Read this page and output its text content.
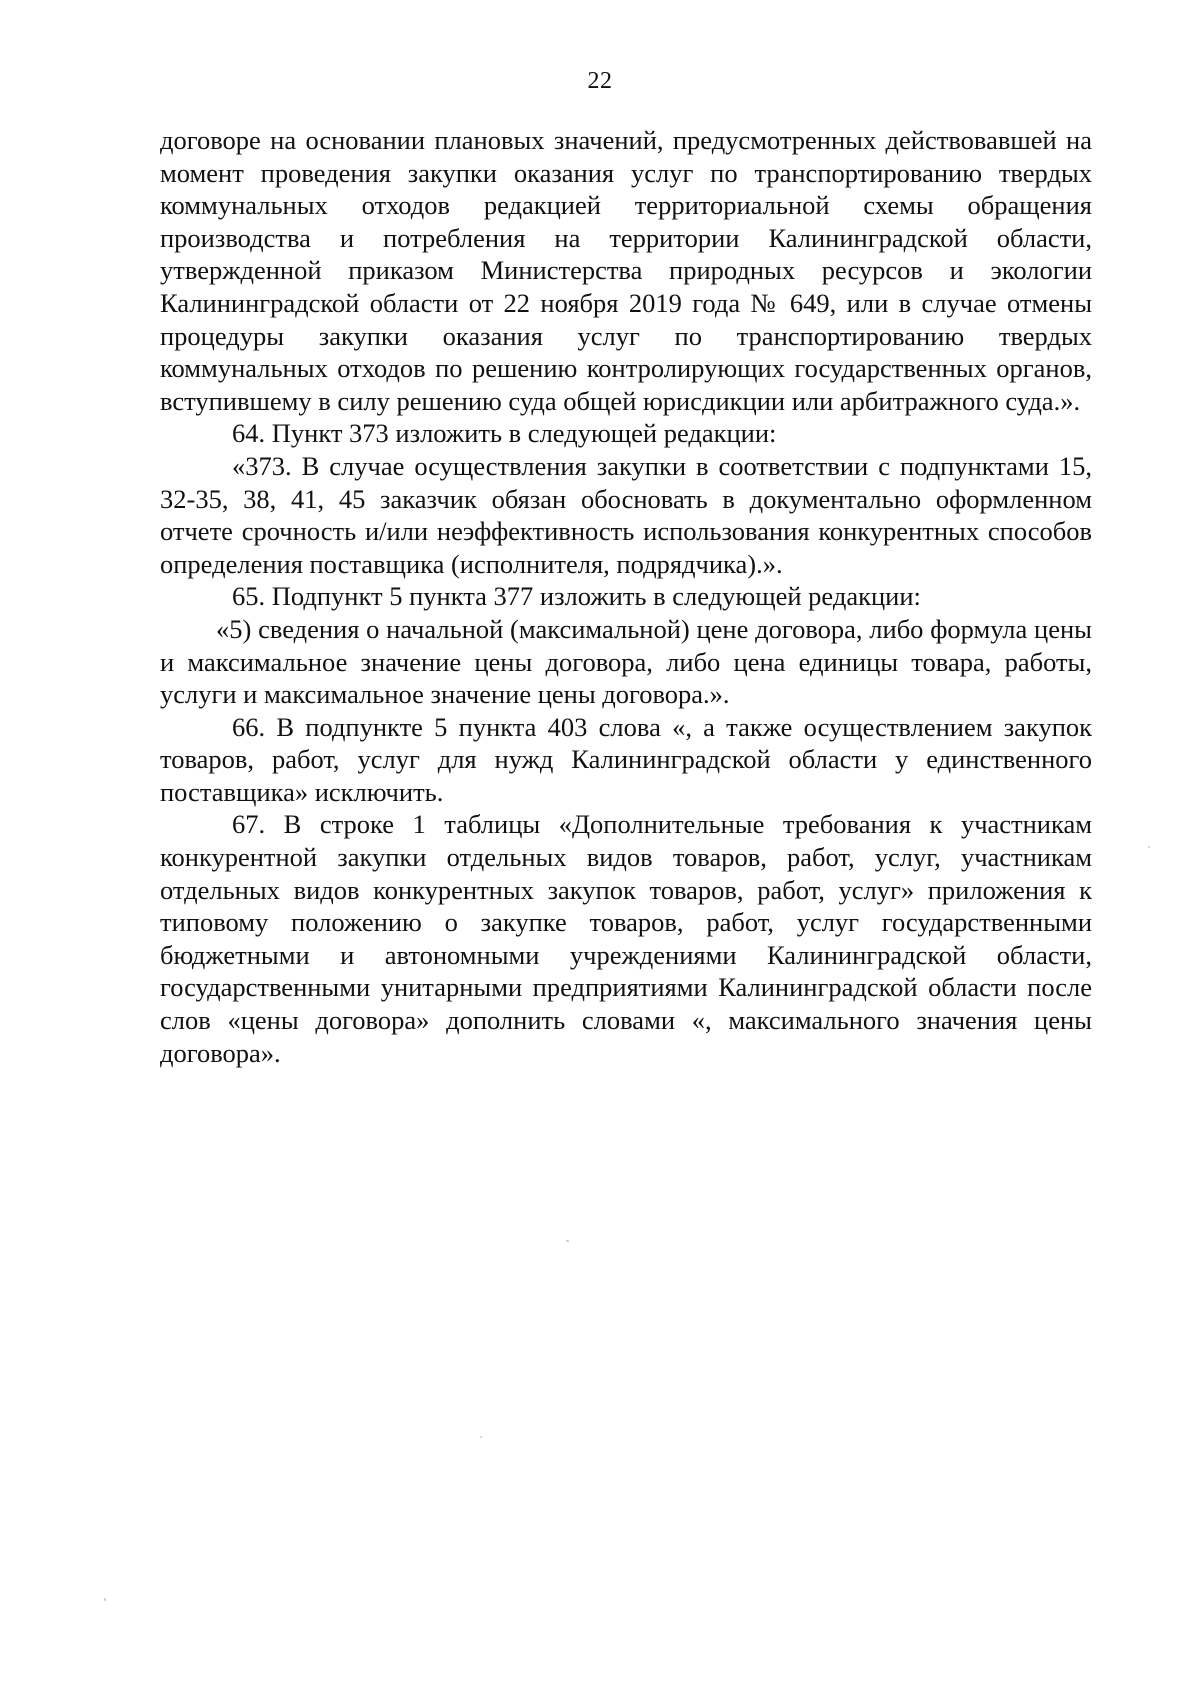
22

договоре на основании плановых значений, предусмотренных действовавшей на момент проведения закупки оказания услуг по транспортированию твердых коммунальных отходов редакцией территориальной схемы обращения производства и потребления на территории Калининградской области, утвержденной приказом Министерства природных ресурсов и экологии Калининградской области от 22 ноября 2019 года № 649, или в случае отмены процедуры закупки оказания услуг по транспортированию твердых коммунальных отходов по решению контролирующих государственных органов, вступившему в силу решению суда общей юрисдикции или арбитражного суда.».

64. Пункт 373 изложить в следующей редакции:

«373. В случае осуществления закупки в соответствии с подпунктами 15, 32-35, 38, 41, 45 заказчик обязан обосновать в документально оформленном отчете срочность и/или неэффективность использования конкурентных способов определения поставщика (исполнителя, подрядчика).».

65. Подпункт 5 пункта 377 изложить в следующей редакции:

«5) сведения о начальной (максимальной) цене договора, либо формула цены и максимальное значение цены договора, либо цена единицы товара, работы, услуги и максимальное значение цены договора.».

66. В подпункте 5 пункта 403 слова «, а также осуществлением закупок товаров, работ, услуг для нужд Калининградской области у единственного поставщика» исключить.

67. В строке 1 таблицы «Дополнительные требования к участникам конкурентной закупки отдельных видов товаров, работ, услуг, участникам отдельных видов конкурентных закупок товаров, работ, услуг» приложения к типовому положению о закупке товаров, работ, услуг государственными бюджетными и автономными учреждениями Калининградской области, государственными унитарными предприятиями Калининградской области после слов «цены договора» дополнить словами «, максимального значения цены договора».
